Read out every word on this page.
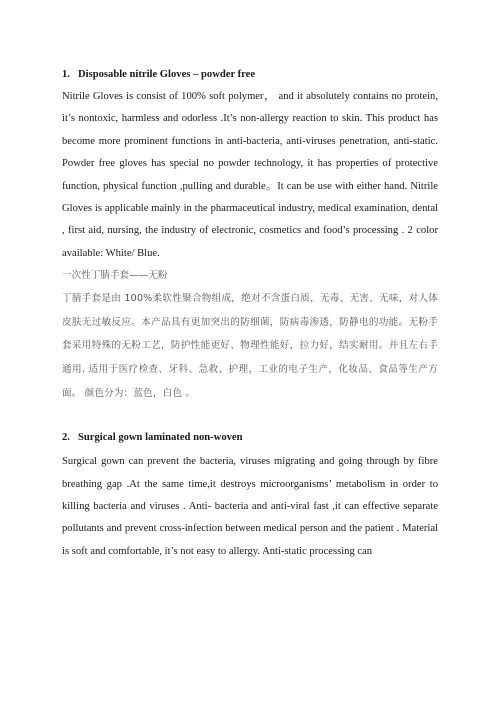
1. Disposable nitrile Gloves – powder free

Nitrile Gloves is consist of 100% soft polymer， and it absolutely contains no protein, it’s nontoxic, harmless and odorless .It’s non-allergy reaction to skin. This product has become more prominent functions in anti-bacteria, anti-viruses penetration, anti-static. Powder free gloves has special no powder technology, it has properties of protective function, physical function ,pulling and durable。It can be use with either hand. Nitrile Gloves is applicable mainly in the pharmaceutical industry, medical examination, dental , first aid, nursing, the industry of electronic, cosmetics and food’s processing . 2 color available: White/ Blue.

一次性丁腈手套——无粉

丁腈手套是由 100%柔软性聚合物组成，绝对不含蛋白质，无毒、无害、无味，对人体皮肤无过敏反应。本产品具有更加突出的防细菌，防病毒渗透，防静电的功能。无粉手套采用特殊的无粉工艺，防护性能更好、物理性能好，拉力好，结实耐用。并且左右手通用. 适用于医疗检查、牙科、急救、护理，工业的电子生产，化妆品、食品等生产方面。 颜色分为：蓝色，白色 。

2. Surgical gown laminated non-woven

Surgical gown can prevent the bacteria, viruses migrating and going through by fibre breathing gap .At the same time,it destroys microorganisms’ metabolism in order to killing bacteria and viruses . Anti- bacteria and anti-viral fast ,it can effective separate pollutants and prevent cross-infection between medical person and the patient . Material is soft and comfortable, it’s not easy to allergy. Anti-static processing can
